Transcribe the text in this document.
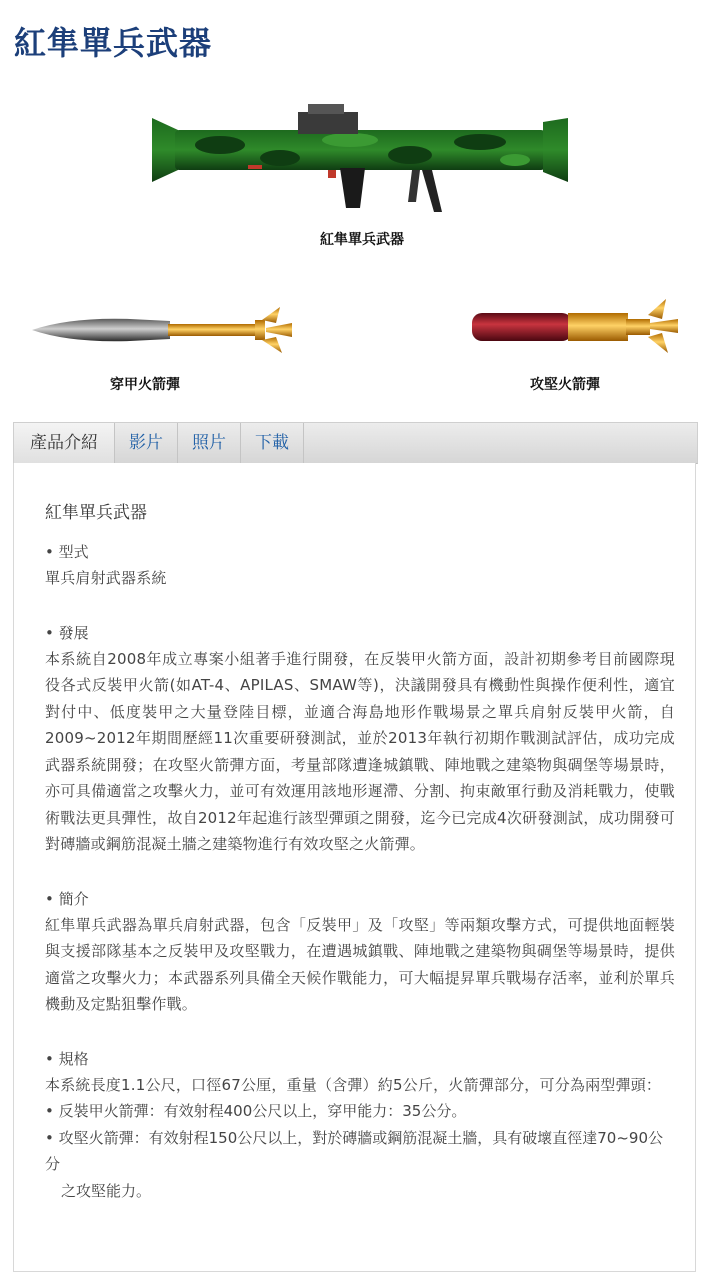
紅隼單兵武器
紅隼單兵武器
穿甲火箭彈	攻堅火箭彈
產品介紹	影片	照片	下載
紅隼單兵武器
• 型式

單兵肩射武器系統

• 發展

本系統自2008年成立專案小組著手進行開發，在反裝甲火箭方面，設計初期參考目前國際現役各式反裝甲火箭(如AT-4、APILAS、SMAW等)，決議開發具有機動性與操作便利性，適宜對付中、低度裝甲之大量登陸目標，並適合海島地形作戰場景之單兵肩射反裝甲火箭，自2009~2012年期間歷經11次重要研發測試，並於2013年執行初期作戰測試評估，成功完成武器系統開發；在攻堅火箭彈方面，考量部隊遭逢城鎮戰、陣地戰之建築物與碉堡等場景時，亦可具備適當之攻擊火力，並可有效運用該地形遲滯、分割、拘束敵軍行動及消耗戰力，使戰術戰法更具彈性，故自2012年起進行該型彈頭之開發，迄今已完成4次研發測試，成功開發可對磚牆或鋼筋混凝土牆之建築物進行有效攻堅之火箭彈。

• 簡介

紅隼單兵武器為單兵肩射武器，包含「反裝甲」及「攻堅」等兩類攻擊方式，可提供地面輕裝與支援部隊基本之反裝甲及攻堅戰力，在遭遇城鎮戰、陣地戰之建築物與碉堡等場景時，提供適當之攻擊火力；本武器系列具備全天候作戰能力，可大幅提昇單兵戰場存活率，並利於單兵機動及定點狙擊作戰。

• 規格

本系統長度1.1公尺，口徑67公厘，重量（含彈）約5公斤，火箭彈部分，可分為兩型彈頭：

• 反裝甲火箭彈：有效射程400公尺以上，穿甲能力：35公分。
• 攻堅火箭彈：有效射程150公尺以上，對於磚牆或鋼筋混凝土牆，具有破壞直徑達70~90公分
之攻堅能力。
